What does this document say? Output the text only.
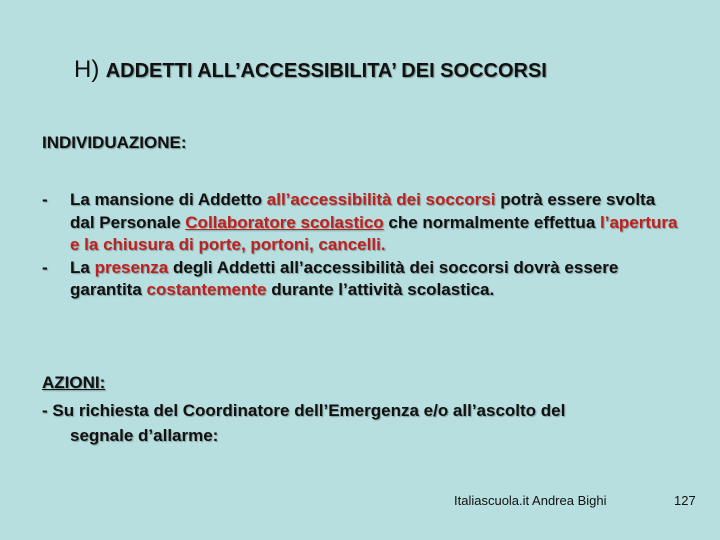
H) ADDETTI ALL’ACCESSIBILITA’ DEI SOCCORSI
INDIVIDUAZIONE:
- La mansione di Addetto all’accessibilità dei soccorsi potrà essere svolta dal Personale Collaboratore scolastico che normalmente effettua l’apertura e la chiusura di porte, portoni, cancelli.
- La presenza degli Addetti all’accessibilità dei soccorsi dovrà essere garantita costantemente durante l’attività scolastica.
AZIONI:
- Su richiesta del Coordinatore dell’Emergenza e/o all’ascolto del
segnale d’allarme:
Italiascuola.it Andrea Bighi	127
